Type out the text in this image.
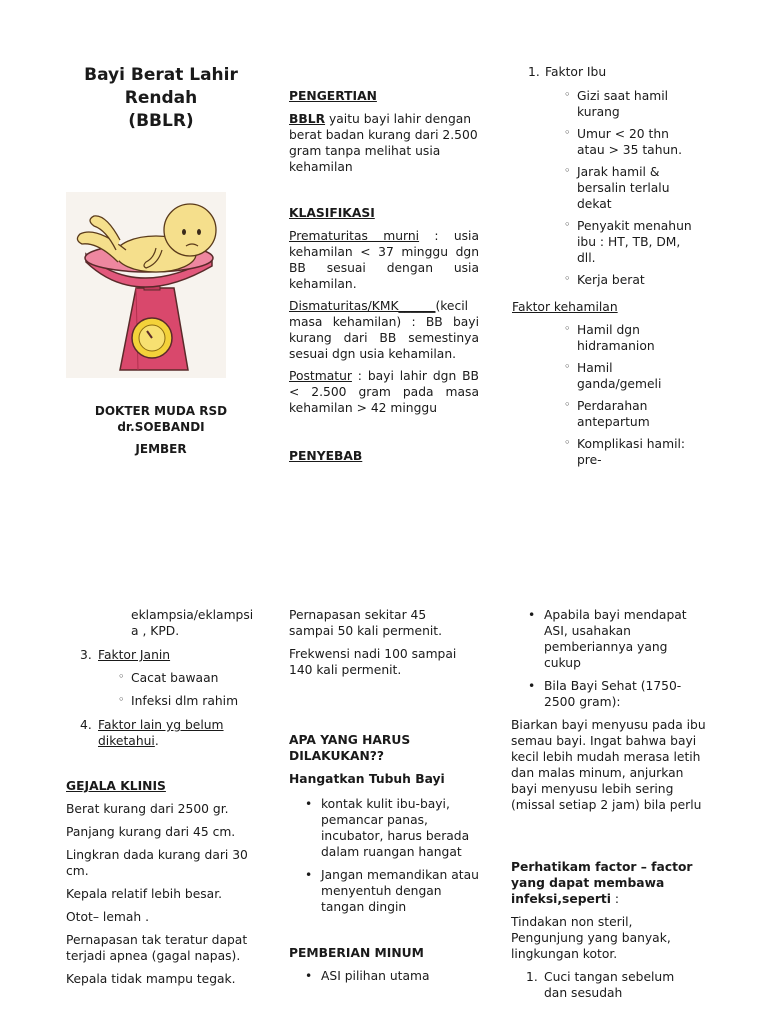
Bayi Berat Lahir
Rendah
(BBLR)
DOKTER MUDA RSD
dr.SOEBANDI
JEMBER

PENGERTIAN

BBLR yaitu bayi lahir dengan berat badan kurang dari 2.500 gram tanpa melihat usia kehamilan

KLASIFIKASI

Prematuritas murni : usia kehamilan < 37 minggu dgn BB sesuai dengan usia kehamilan.

Dismaturitas/KMK______(kecil masa kehamilan) : BB bayi kurang dari BB semestinya sesuai dgn usia kehamilan.

Postmatur : bayi lahir dgn BB < 2.500 gram pada masa kehamilan > 42 minggu

PENYEBAB

1. Faktor Ibu
◦ Gizi saat hamil kurang
◦ Umur < 20 thn atau > 35 tahun.
◦ Jarak hamil & bersalin terlalu dekat
◦ Penyakit menahun ibu : HT, TB, DM, dll.
◦ Kerja berat

Faktor kehamilan

◦ Hamil dgn hidramanion
◦ Hamil ganda/gemeli
◦ Perdarahan antepartum
◦ Komplikasi hamil: pre-

eklampsia/eklampsia , KPD.

3. Faktor Janin
◦ Cacat bawaan
◦ Infeksi dlm rahim
4. Faktor lain yg belum diketahui.

GEJALA KLINIS

Berat kurang dari 2500 gr.

Panjang kurang dari 45 cm.

Lingkran dada kurang dari 30 cm.

Kepala relatif lebih besar.

Otot– lemah .

Pernapasan tak teratur dapat terjadi apnea (gagal napas).

Kepala tidak mampu tegak.

Pernapasan sekitar 45 sampai 50 kali permenit.

Frekwensi nadi 100 sampai 140 kali permenit.

APA YANG HARUS DILAKUKAN??

Hangatkan Tubuh Bayi

• kontak kulit ibu-bayi, pemancar panas, incubator, harus berada dalam ruangan hangat
• Jangan memandikan atau menyentuh dengan tangan dingin

PEMBERIAN MINUM

• ASI pilihan utama
• Apabila bayi mendapat ASI, usahakan pemberiannya yang cukup
• Bila Bayi Sehat (1750-2500 gram):

Biarkan bayi menyusu pada ibu semau bayi. Ingat bahwa bayi kecil lebih mudah merasa letih dan malas minum, anjurkan bayi menyusu lebih sering (missal setiap 2 jam) bila perlu

Perhatikam factor – factor yang dapat membawa infeksi,seperti :

Tindakan non steril, Pengunjung yang banyak, lingkungan kotor.

1. Cuci tangan sebelum dan sesudah
